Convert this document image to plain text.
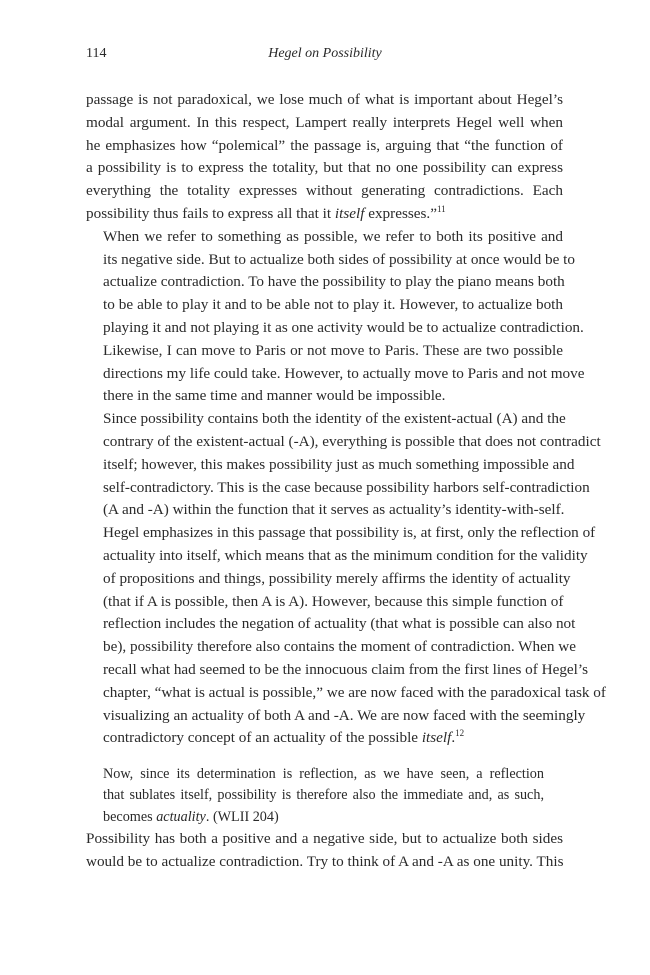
114	Hegel on Possibility

passage is not paradoxical, we lose much of what is important about Hegel’s
modal argument. In this respect, Lampert really interprets Hegel well when
he emphasizes how “polemical” the passage is, arguing that “the function of
a possibility is to express the totality, but that no one possibility can express
everything the totality expresses without generating contradictions. Each
possibility thus fails to express all that it itself expresses.”$^{11}$

When we refer to something as possible, we refer to both its positive and
its negative side. But to actualize both sides of possibility at once would be to
actualize contradiction. To have the possibility to play the piano means both
to be able to play it and to be able not to play it. However, to actualize both
playing it and not playing it as one activity would be to actualize contradiction.
Likewise, I can move to Paris or not move to Paris. These are two possible
directions my life could take. However, to actually move to Paris and not move
there in the same time and manner would be impossible.

Since possibility contains both the identity of the existent-actual (A) and the
contrary of the existent-actual (-A), everything is possible that does not contradict
itself; however, this makes possibility just as much something impossible and
self-contradictory. This is the case because possibility harbors self-contradiction
(A and -A) within the function that it serves as actuality’s identity-with-self.
Hegel emphasizes in this passage that possibility is, at first, only the reflection of
actuality into itself, which means that as the minimum condition for the validity
of propositions and things, possibility merely affirms the identity of actuality
(that if A is possible, then A is A). However, because this simple function of
reflection includes the negation of actuality (that what is possible can also not
be), possibility therefore also contains the moment of contradiction. When we
recall what had seemed to be the innocuous claim from the first lines of Hegel’s
chapter, “what is actual is possible,” we are now faced with the paradoxical task of
visualizing an actuality of both A and -A. We are now faced with the seemingly
contradictory concept of an actuality of the possible itself.$^{12}$

Now, since its determination is reflection, as we have seen, a reflection
that sublates itself, possibility is therefore also the immediate and, as such,
becomes actuality. (WLII 204)

Possibility has both a positive and a negative side, but to actualize both sides
would be to actualize contradiction. Try to think of A and -A as one unity. This
